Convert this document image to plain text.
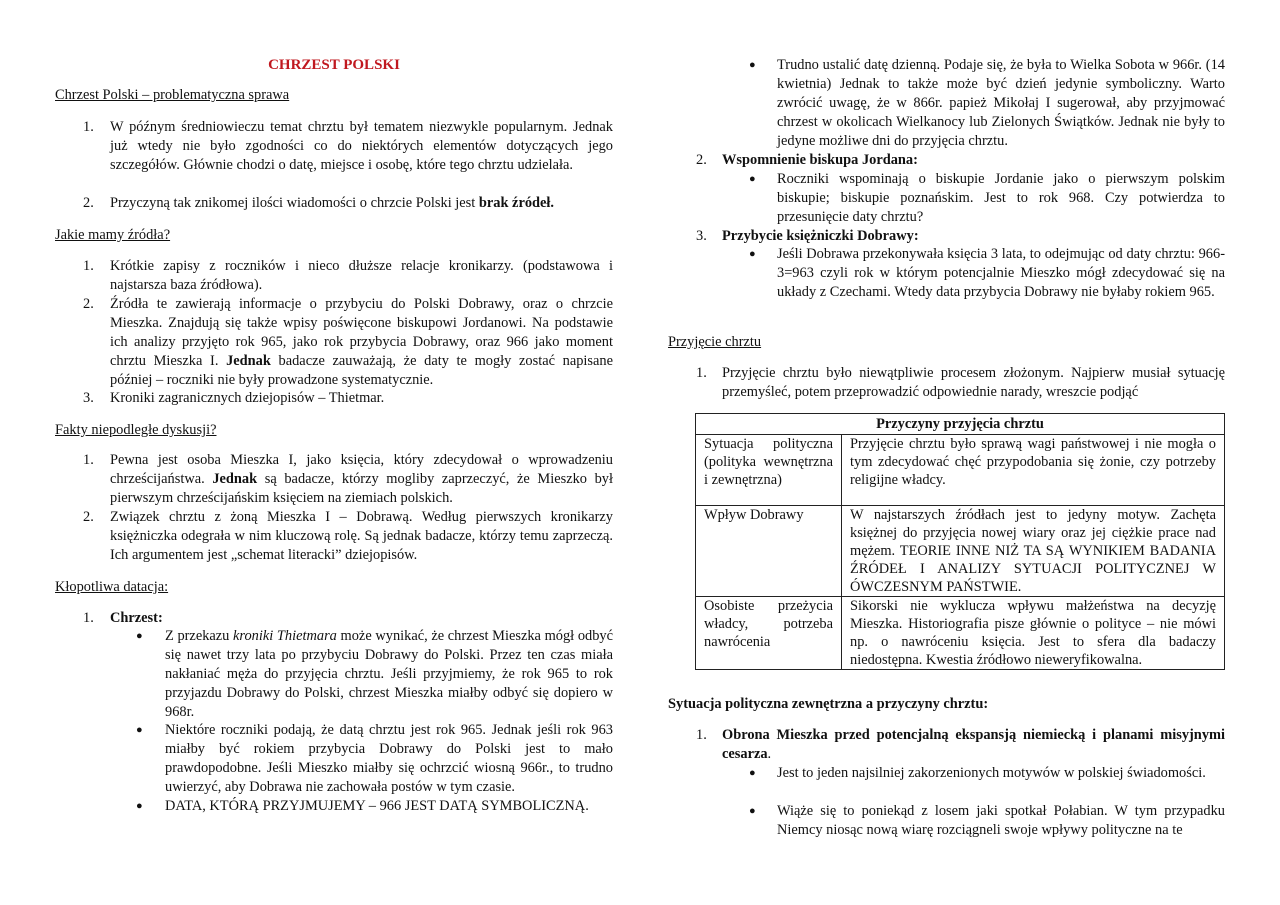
CHRZEST POLSKI
Chrzest Polski – problematyczna sprawa
1.	W późnym średniowieczu temat chrztu był tematem niezwykle popularnym. Jednak już wtedy nie było zgodności co do niektórych elementów dotyczących jego szczegółów. Głównie chodzi o datę, miejsce i osobę, które tego chrztu udzielała.
2.	Przyczyną tak znikomej ilości wiadomości o chrzcie Polski jest brak źródeł.
Jakie mamy źródła?
1.	Krótkie zapisy z roczników i nieco dłuższe relacje kronikarzy. (podstawowa i najstarsza baza źródłowa).
2.	Źródła te zawierają informacje o przybyciu do Polski Dobrawy, oraz o chrzcie Mieszka. Znajdują się także wpisy poświęcone biskupowi Jordanowi. Na podstawie ich analizy przyjęto rok 965, jako rok przybycia Dobrawy, oraz 966 jako moment chrztu Mieszka I. Jednak badacze zauważają, że daty te mogły zostać napisane później – roczniki nie były prowadzone systematycznie.
3.	Kroniki zagranicznych dziejopisów – Thietmar.
Fakty niepodległe dyskusji?
1.	Pewna jest osoba Mieszka I, jako księcia, który zdecydował o wprowadzeniu chrześcijaństwa. Jednak są badacze, którzy mogliby zaprzeczyć, że Mieszko był pierwszym chrześcijańskim księciem na ziemiach polskich.
2.	Związek chrztu z żoną Mieszka I – Dobrawą. Według pierwszych kronikarzy księżniczka odegrała w nim kluczową rolę. Są jednak badacze, którzy temu zaprzeczą. Ich argumentem jest „schemat literacki” dziejopisów.
Kłopotliwa datacja:
1.	Chrzest:
● Z przekazu kroniki Thietmara może wynikać, że chrzest Mieszka mógł odbyć się nawet trzy lata po przybyciu Dobrawy do Polski. Przez ten czas miała nakłaniać męża do przyjęcia chrztu. Jeśli przyjmiemy, że rok 965 to rok przyjazdu Dobrawy do Polski, chrzest Mieszka miałby odbyć się dopiero w 968r.
● Niektóre roczniki podają, że datą chrztu jest rok 965. Jednak jeśli rok 963 miałby być rokiem przybycia Dobrawy do Polski jest to mało prawdopodobne. Jeśli Mieszko miałby się ochrzcić wiosną 966r., to trudno uwierzyć, aby Dobrawa nie zachowała postów w tym czasie.
● DATA, KTÓRĄ PRZYJMUJEMY – 966 JEST DATĄ SYMBOLICZNĄ.
● Trudno ustalić datę dzienną. Podaje się, że była to Wielka Sobota w 966r. (14 kwietnia) Jednak to także może być dzień jedynie symboliczny. Warto zwrócić uwagę, że w 866r. papież Mikołaj I sugerował, aby przyjmować chrzest w okolicach Wielkanocy lub Zielonych Świątków. Jednak nie były to jedyne możliwe dni do przyjęcia chrztu.
2.	Wspomnienie biskupa Jordana:
● Roczniki wspominają o biskupie Jordanie jako o pierwszym polskim biskupie; biskupie poznańskim. Jest to rok 968. Czy potwierdza to przesunięcie daty chrztu?
3.	Przybycie księżniczki Dobrawy:
● Jeśli Dobrawa przekonywała księcia 3 lata, to odejmując od daty chrztu: 966-3=963 czyli rok w którym potencjalnie Mieszko mógł zdecydować się na układy z Czechami. Wtedy data przybycia Dobrawy nie byłaby rokiem 965.
Przyjęcie chrztu
1.	Przyjęcie chrztu było niewątpliwie procesem złożonym. Najpierw musiał sytuację przemyśleć, potem przeprowadzić odpowiednie narady, wreszcie podjąć
Przyczyny przyjęcia chrztu	
Sytuacja polityczna (polityka wewnętrzna i zewnętrzna)	Przyjęcie chrztu było sprawą wagi państwowej i nie mogła o tym zdecydować chęć przypodobania się żonie, czy potrzeby religijne władcy.
Wpływ Dobrawy	W najstarszych źródłach jest to jedyny motyw. Zachęta księżnej do przyjęcia nowej wiary oraz jej ciężkie prace nad mężem. TEORIE INNE NIŻ TA SĄ WYNIKIEM BADANIA ŹRÓDEŁ I ANALIZY SYTUACJI POLITYCZNEJ W ÓWCZESNYM PAŃSTWIE.
Osobiste przeżycia władcy, potrzeba nawrócenia	Sikorski nie wyklucza wpływu małżeństwa na decyzję Mieszka. Historiografia pisze głównie o polityce – nie mówi np. o nawróceniu księcia. Jest to sfera dla badaczy niedostępna. Kwestia źródłowo nieweryfikowalna.
Sytuacja polityczna zewnętrzna a przyczyny chrztu:
1.	Obrona Mieszka przed potencjalną ekspansją niemiecką i planami misyjnymi cesarza.
● Jest to jeden najsilniej zakorzenionych motywów w polskiej świadomości.
● Wiąże się to poniekąd z losem jaki spotkał Połabian. W tym przypadku Niemcy niosąc nową wiarę rozciągneli swoje wpływy polityczne na te
